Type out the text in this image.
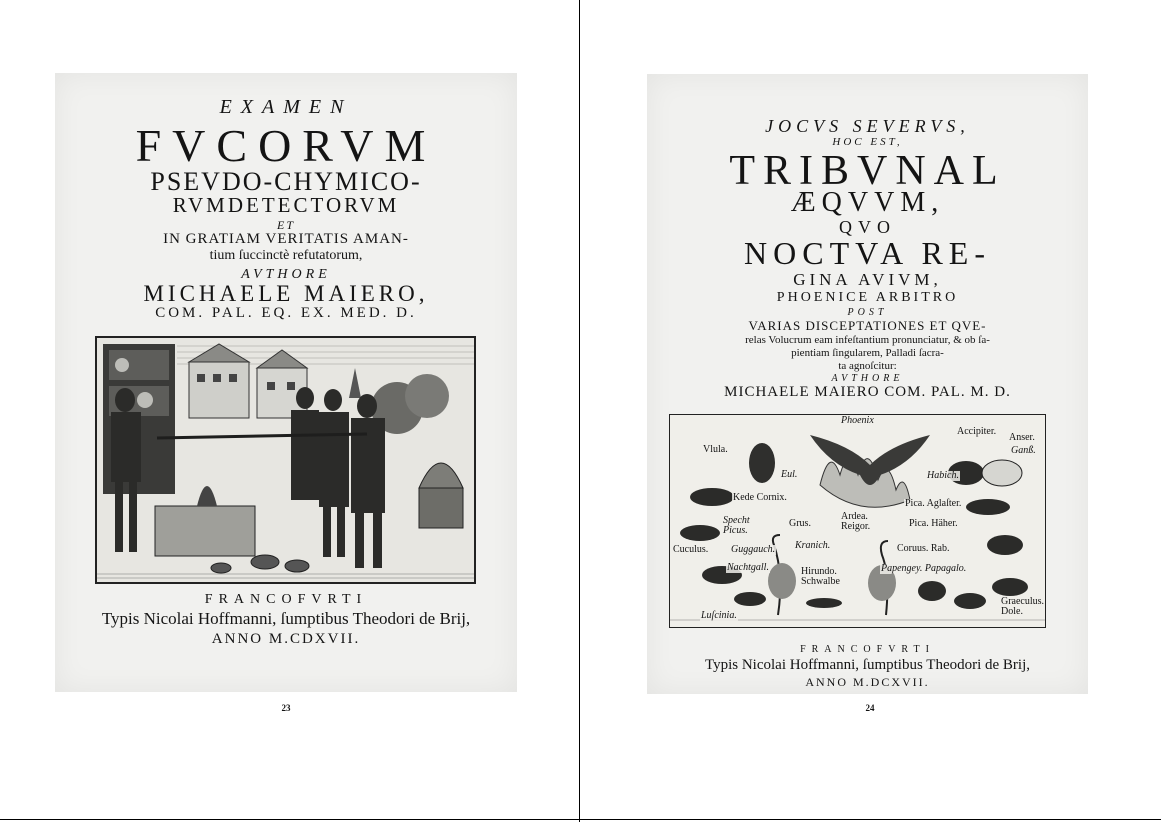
EXAMEN
FVCORVM
PSEVDO-CHYMICO-
RVMDETECTORVM
ET
IN GRATIAM VERITATIS AMAN-
tium ſuccinctè refutatorum,
AVTHORE
MICHAELE MAIERO,
COM. PAL. EQ. EX. MED. D.
FRANCOFVRTI
Typis Nicolai Hoffmanni, ſumptibus Theodori de Brij,
ANNO M.CDXVII.
23
JOCVS SEVERVS,
HOC EST,
TRIBVNAL
ÆQVVM,
QVO
NOCTVA RE-
GINA AVIVM,
PHOENICE ARBITRO
POST
VARIAS DISCEPTATIONES ET QVE-
relas Volucrum eam infeſtantium pronunciatur, & ob ſa-
pientiam ſingularem, Palladi ſacra-
ta agnoſcitur:
AVTHORE
MICHAELE MAIERO COM. PAL. M. D.
Phoenix
Accipiter.
Anser.
Ganß.
Vlula.
Eul.	Habich.
Kede Cornix.
Pica. Aglaſter.
Specht Picus.
Grus.
Ardea. Reigor.	Pica. Häher.
Cuculus. Guggauch. Kranich.	Coruus. Rab.
Nachtgall.	Hirundo. Schwalbe
Papengey. Papagalo.
Luſcinia.
Graeculus. Dole.
FRANCOFVRTI
Typis Nicolai Hoffmanni, ſumptibus Theodori de Brij,
ANNO M.DCXVII.
24
